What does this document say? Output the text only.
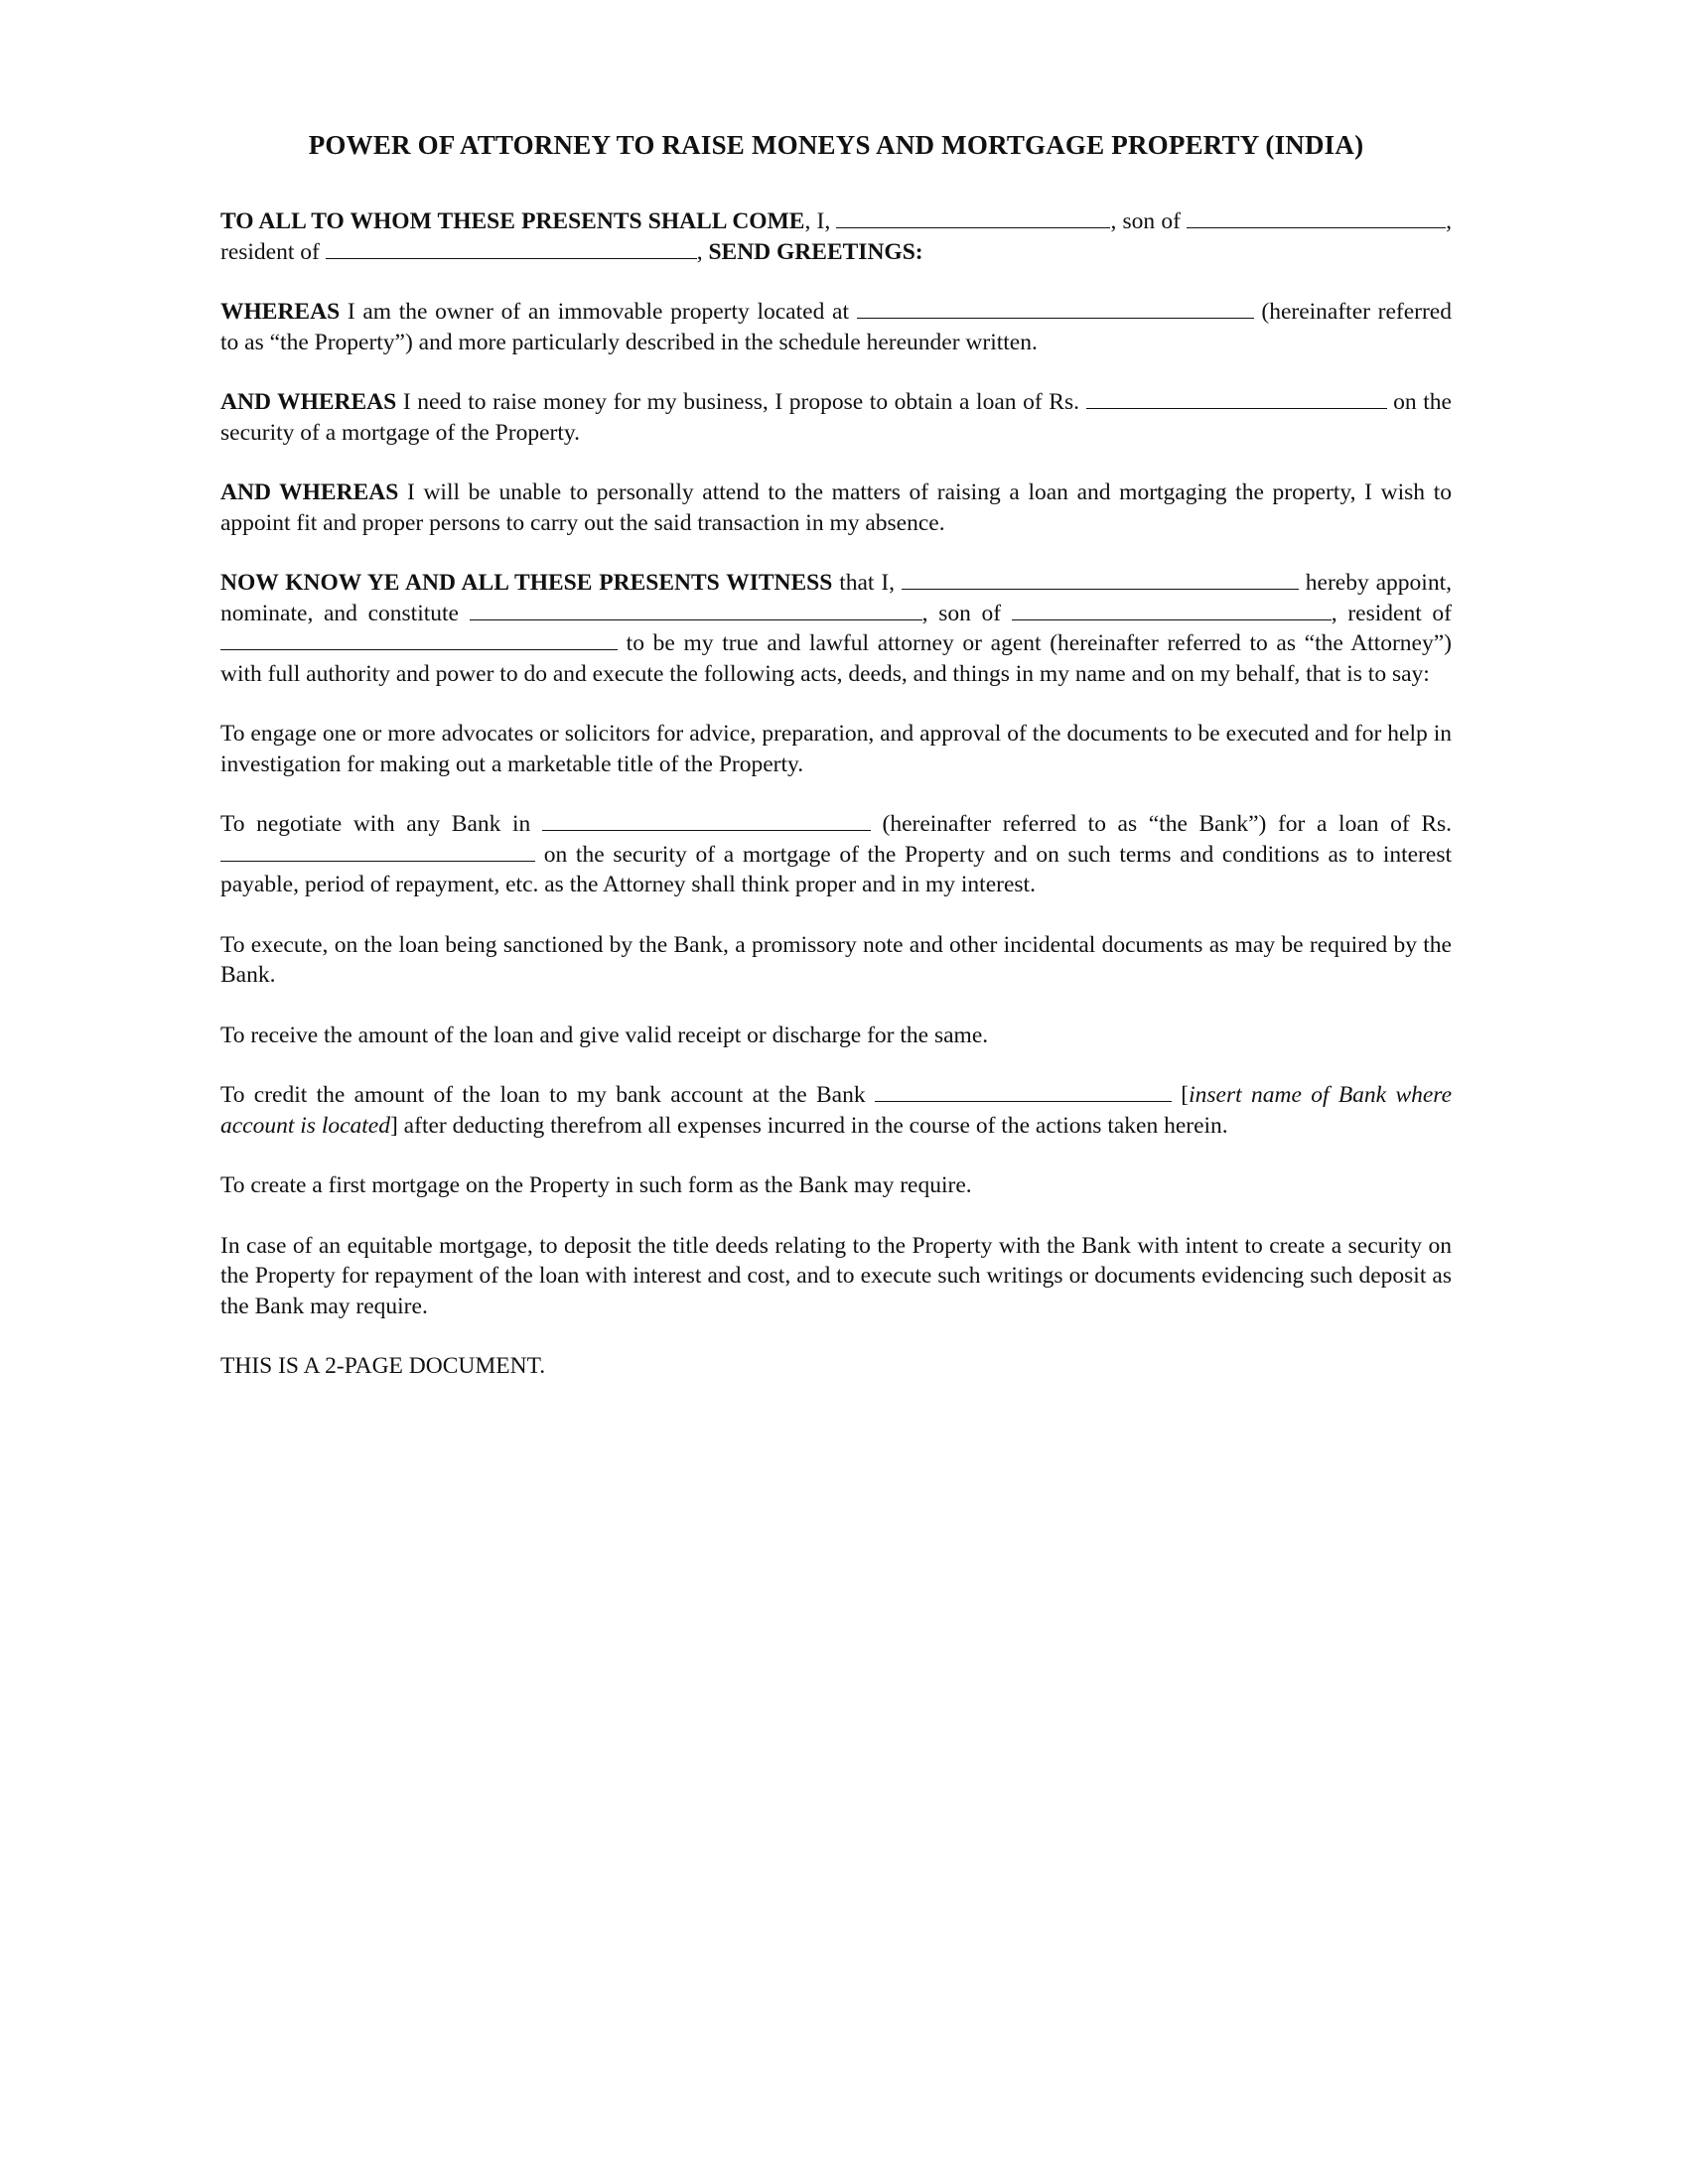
POWER OF ATTORNEY TO RAISE MONEYS AND MORTGAGE PROPERTY (INDIA)

TO ALL TO WHOM THESE PRESENTS SHALL COME, I,	, son of	, resident of	, SEND GREETINGS:

WHEREAS I am the owner of an immovable property located at	(hereinafter referred to as “the Property”) and more particularly described in the schedule hereunder written.

AND WHEREAS I need to raise money for my business, I propose to obtain a loan of Rs.	on the security of a mortgage of the Property.

AND WHEREAS I will be unable to personally attend to the matters of raising a loan and mortgaging the property, I wish to appoint fit and proper persons to carry out the said transaction in my absence.

NOW KNOW YE AND ALL THESE PRESENTS WITNESS that I,	hereby appoint, nominate, and constitute	, son of	, resident of  to be my true and lawful attorney or agent (hereinafter referred to as “the Attorney”) with full authority and power to do and execute the following acts, deeds, and things in my name and on my behalf, that is to say:

To engage one or more advocates or solicitors for advice, preparation, and approval of the documents to be executed and for help in investigation for making out a marketable title of the Property.

To negotiate with any Bank in	(hereinafter referred to as “the Bank”) for a loan of Rs.  on the security of a mortgage of the Property and on such terms and conditions as to interest payable, period of repayment, etc. as the Attorney shall think proper and in my interest.

To execute, on the loan being sanctioned by the Bank, a promissory note and other incidental documents as may be required by the Bank.

To receive the amount of the loan and give valid receipt or discharge for the same.

To credit the amount of the loan to my bank account at the Bank	[insert name of Bank where account is located] after deducting therefrom all expenses incurred in the course of the actions taken herein.

To create a first mortgage on the Property in such form as the Bank may require.

In case of an equitable mortgage, to deposit the title deeds relating to the Property with the Bank with intent to create a security on the Property for repayment of the loan with interest and cost, and to execute such writings or documents evidencing such deposit as the Bank may require.

THIS IS A 2-PAGE DOCUMENT.
